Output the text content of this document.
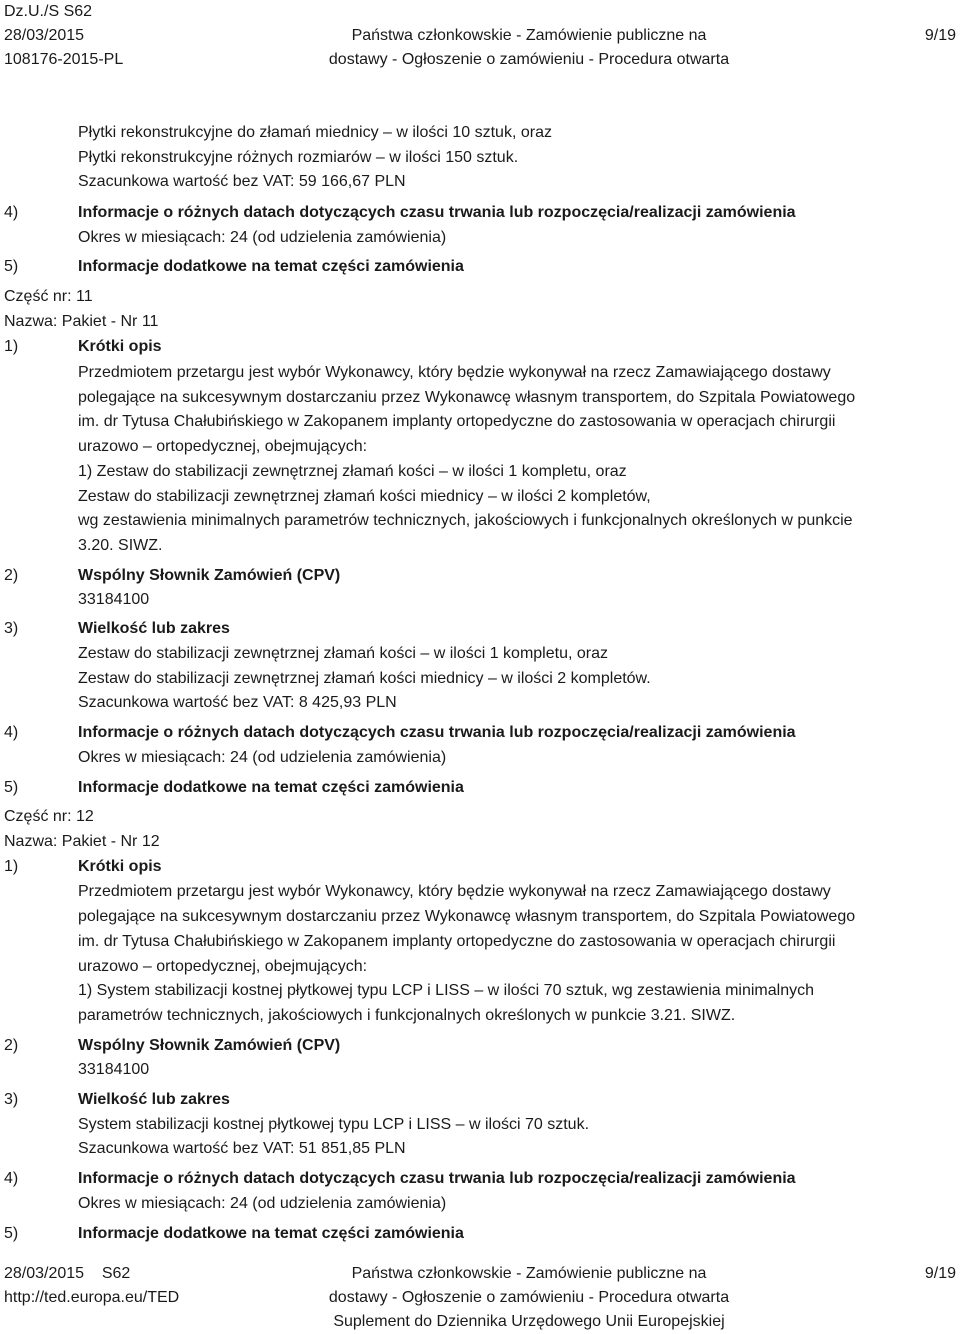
Dz.U./S S62
28/03/2015
108176-2015-PL
Państwa członkowskie - Zamówienie publiczne na
dostawy - Ogłoszenie o zamówieniu - Procedura otwarta
9/19
Płytki rekonstrukcyjne do złamań miednicy – w ilości 10 sztuk, oraz
Płytki rekonstrukcyjne różnych rozmiarów – w ilości 150 sztuk.
Szacunkowa wartość bez VAT: 59 166,67 PLN
4)	Informacje o różnych datach dotyczących czasu trwania lub rozpoczęcia/realizacji zamówienia
Okres w miesiącach: 24 (od udzielenia zamówienia)
5)	Informacje dodatkowe na temat części zamówienia
Część nr: 11
Nazwa: Pakiet - Nr 11
1)	Krótki opis
Przedmiotem przetargu jest wybór Wykonawcy, który będzie wykonywał na rzecz Zamawiającego dostawy
polegające na sukcesywnym dostarczaniu przez Wykonawcę własnym transportem, do Szpitala Powiatowego
im. dr Tytusa Chałubińskiego w Zakopanem implanty ortopedyczne do zastosowania w operacjach chirurgii
urazowo – ortopedycznej, obejmujących:
1) Zestaw do stabilizacji zewnętrznej złamań kości – w ilości 1 kompletu, oraz
Zestaw do stabilizacji zewnętrznej złamań kości miednicy – w ilości 2 kompletów,
wg zestawienia minimalnych parametrów technicznych, jakościowych i funkcjonalnych określonych w punkcie
3.20. SIWZ.
2)	Wspólny Słownik Zamówień (CPV)
33184100
3)	Wielkość lub zakres
Zestaw do stabilizacji zewnętrznej złamań kości – w ilości 1 kompletu, oraz
Zestaw do stabilizacji zewnętrznej złamań kości miednicy – w ilości 2 kompletów.
Szacunkowa wartość bez VAT: 8 425,93 PLN
4)	Informacje o różnych datach dotyczących czasu trwania lub rozpoczęcia/realizacji zamówienia
Okres w miesiącach: 24 (od udzielenia zamówienia)
5)	Informacje dodatkowe na temat części zamówienia
Część nr: 12
Nazwa: Pakiet - Nr 12
1)	Krótki opis
Przedmiotem przetargu jest wybór Wykonawcy, który będzie wykonywał na rzecz Zamawiającego dostawy
polegające na sukcesywnym dostarczaniu przez Wykonawcę własnym transportem, do Szpitala Powiatowego
im. dr Tytusa Chałubińskiego w Zakopanem implanty ortopedyczne do zastosowania w operacjach chirurgii
urazowo – ortopedycznej, obejmujących:
1) System stabilizacji kostnej płytkowej typu LCP i LISS – w ilości 70 sztuk, wg zestawienia minimalnych
parametrów technicznych, jakościowych i funkcjonalnych określonych w punkcie 3.21. SIWZ.
2)	Wspólny Słownik Zamówień (CPV)
33184100
3)	Wielkość lub zakres
System stabilizacji kostnej płytkowej typu LCP i LISS – w ilości 70 sztuk.
Szacunkowa wartość bez VAT: 51 851,85 PLN
4)	Informacje o różnych datach dotyczących czasu trwania lub rozpoczęcia/realizacji zamówienia
Okres w miesiącach: 24 (od udzielenia zamówienia)
5)	Informacje dodatkowe na temat części zamówienia
28/03/2015    S62
http://ted.europa.eu/TED
Państwa członkowskie - Zamówienie publiczne na
dostawy - Ogłoszenie o zamówieniu - Procedura otwarta
Suplement do Dziennika Urzędowego Unii Europejskiej
9/19
